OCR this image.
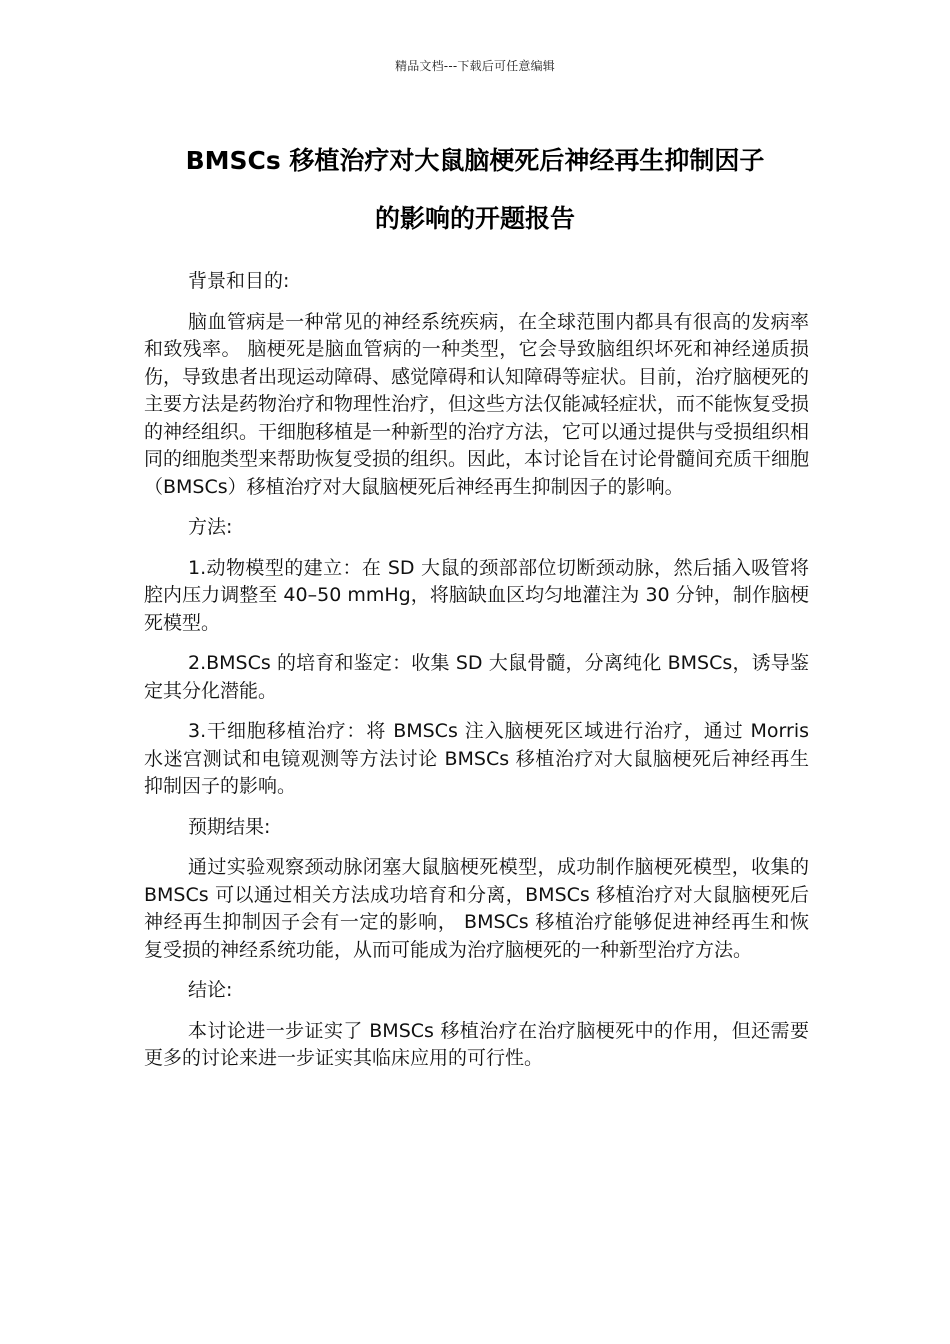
精品文档---下载后可任意编辑
BMSCs 移植治疗对大鼠脑梗死后神经再生抑制因子
的影响的开题报告

背景和目的:

脑血管病是一种常见的神经系统疾病，在全球范围内都具有很高的发病率和致残率。 脑梗死是脑血管病的一种类型，它会导致脑组织坏死和神经递质损伤，导致患者出现运动障碍、感觉障碍和认知障碍等症状。目前，治疗脑梗死的主要方法是药物治疗和物理性治疗，但这些方法仅能减轻症状，而不能恢复受损的神经组织。干细胞移植是一种新型的治疗方法，它可以通过提供与受损组织相同的细胞类型来帮助恢复受损的组织。因此，本讨论旨在讨论骨髓间充质干细胞（BMSCs）移植治疗对大鼠脑梗死后神经再生抑制因子的影响。

方法:

1.动物模型的建立：在 SD 大鼠的颈部部位切断颈动脉，然后插入吸管将腔内压力调整至 40–50 mmHg，将脑缺血区均匀地灌注为 30 分钟，制作脑梗死模型。

2.BMSCs 的培育和鉴定：收集 SD 大鼠骨髓，分离纯化 BMSCs，诱导鉴定其分化潜能。

3.干细胞移植治疗：将 BMSCs 注入脑梗死区域进行治疗，通过 Morris 水迷宫测试和电镜观测等方法讨论 BMSCs 移植治疗对大鼠脑梗死后神经再生抑制因子的影响。

预期结果:

通过实验观察颈动脉闭塞大鼠脑梗死模型，成功制作脑梗死模型，收集的 BMSCs 可以通过相关方法成功培育和分离，BMSCs 移植治疗对大鼠脑梗死后神经再生抑制因子会有一定的影响， BMSCs 移植治疗能够促进神经再生和恢复受损的神经系统功能，从而可能成为治疗脑梗死的一种新型治疗方法。

结论:

本讨论进一步证实了 BMSCs 移植治疗在治疗脑梗死中的作用，但还需要更多的讨论来进一步证实其临床应用的可行性。
